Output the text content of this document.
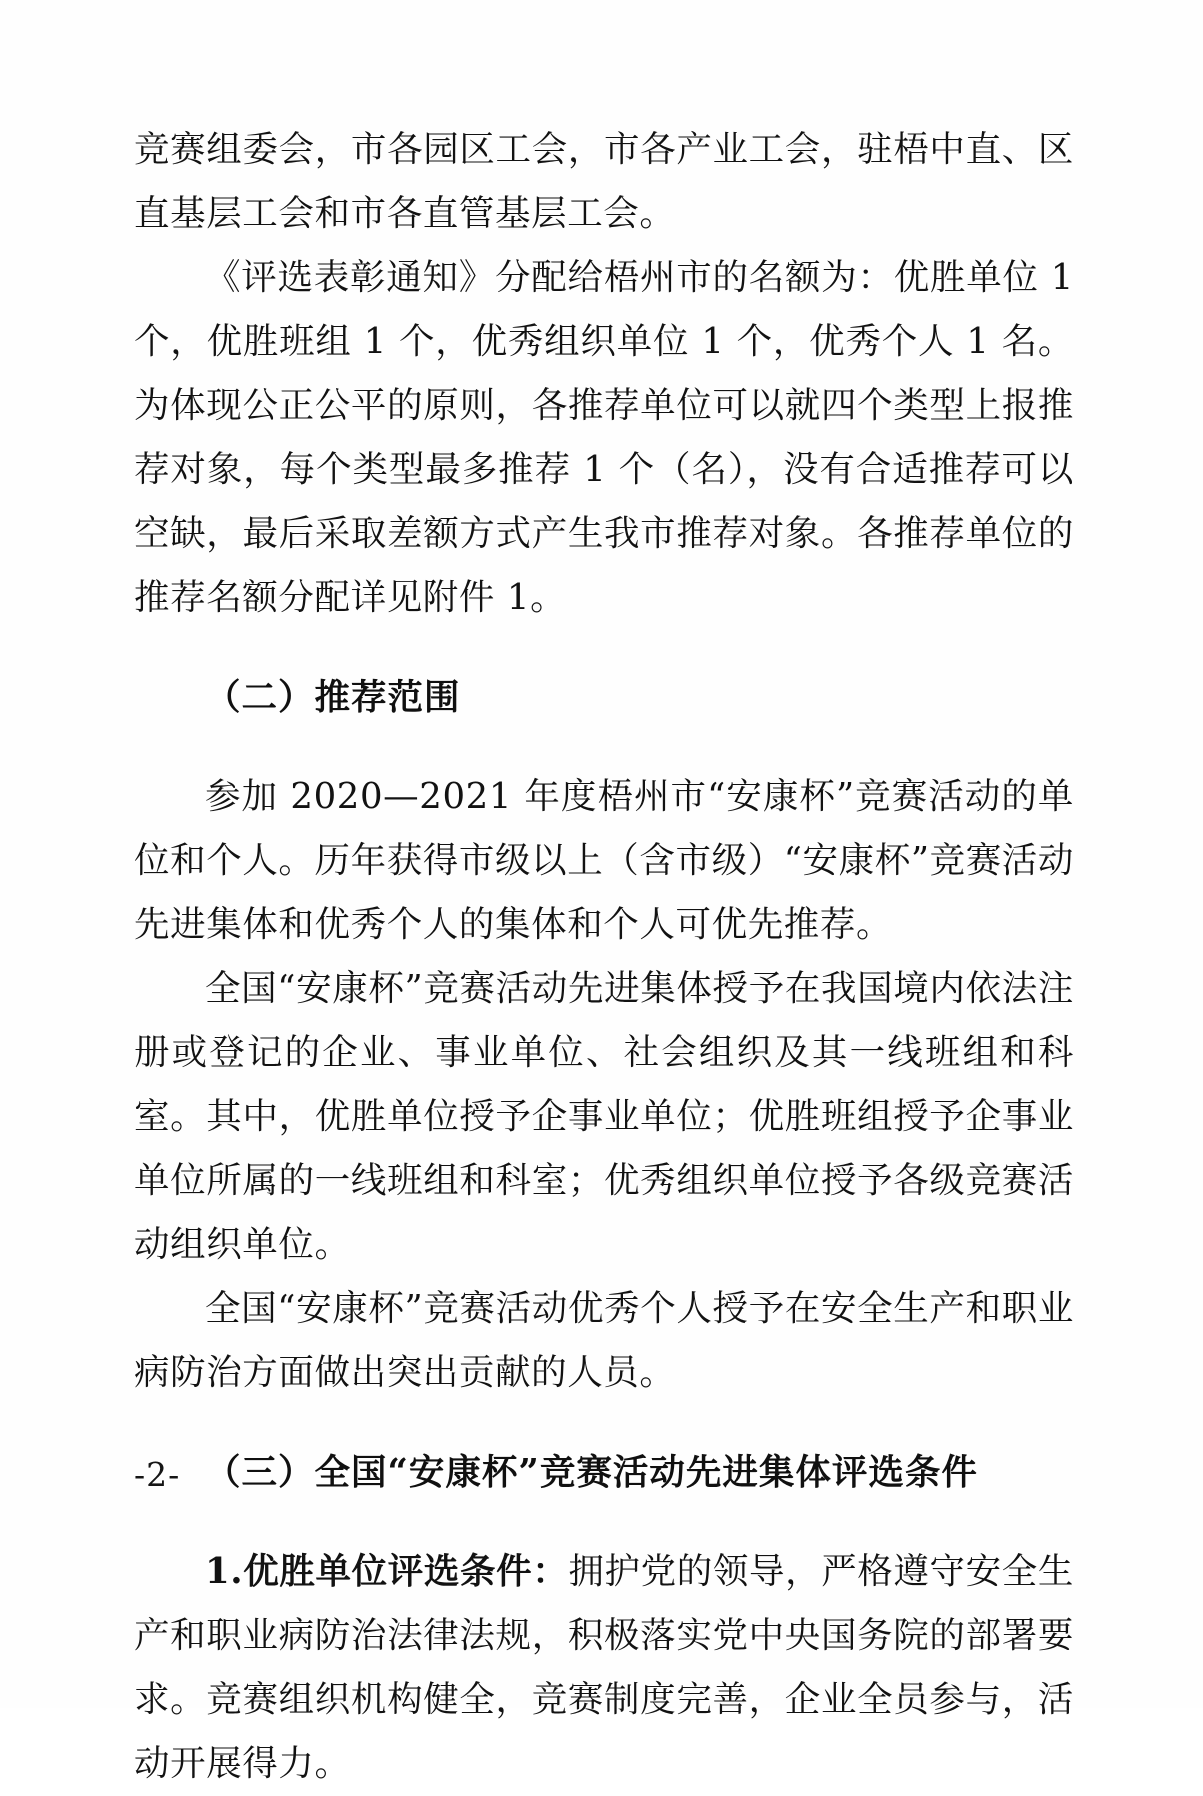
竞赛组委会，市各园区工会，市各产业工会，驻梧中直、区直基层工会和市各直管基层工会。

《评选表彰通知》分配给梧州市的名额为：优胜单位 1 个，优胜班组 1 个，优秀组织单位 1 个，优秀个人 1 名。为体现公正公平的原则，各推荐单位可以就四个类型上报推荐对象，每个类型最多推荐 1 个（名），没有合适推荐可以空缺，最后采取差额方式产生我市推荐对象。各推荐单位的推荐名额分配详见附件 1。

（二）推荐范围

参加 2020—2021 年度梧州市“安康杯”竞赛活动的单位和个人。历年获得市级以上（含市级）“安康杯”竞赛活动先进集体和优秀个人的集体和个人可优先推荐。

全国“安康杯”竞赛活动先进集体授予在我国境内依法注册或登记的企业、事业单位、社会组织及其一线班组和科室。其中，优胜单位授予企事业单位；优胜班组授予企事业单位所属的一线班组和科室；优秀组织单位授予各级竞赛活动组织单位。

全国“安康杯”竞赛活动优秀个人授予在安全生产和职业病防治方面做出突出贡献的人员。

（三）全国“安康杯”竞赛活动先进集体评选条件

1.优胜单位评选条件：拥护党的领导，严格遵守安全生产和职业病防治法律法规，积极落实党中央国务院的部署要求。竞赛组织机构健全，竞赛制度完善，企业全员参与，活动开展得力。

-2-
